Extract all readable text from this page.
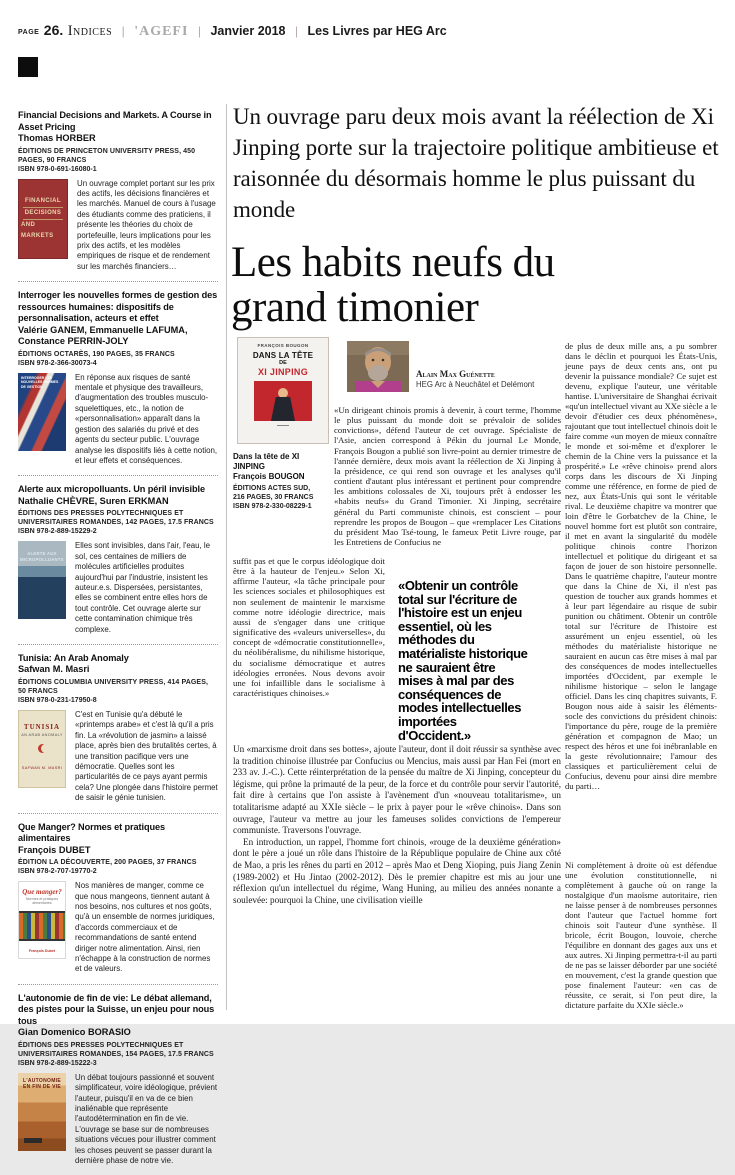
PAGE 26. Indices | 'AGEFI | Janvier 2018 | Les Livres par HEG Arc
Financial Decisions and Markets. A Course in Asset Pricing
Thomas HORBER
ÉDITIONS DE PRINCETON UNIVERSITY PRESS, 450 PAGES, 90 FRANCS
ISBN 978-0-691-16080-1
FINANCIAL
DECISIONS
AND MARKETS
Un ouvrage complet portant sur les prix des actifs, les décisions financières et les marchés. Manuel de cours à l'usage des étudiants comme des praticiens, il présente les théories du choix de portefeuille, leurs implications pour les prix des actifs, et les modèles empiriques de risque et de rendement sur les marchés financiers…
Interroger les nouvelles formes de gestion des ressources humaines: dispositifs de personnalisation, acteurs et effet
Valérie GANEM, Emmanuelle LAFUMA, Constance PERRIN-JOLY
ÉDITIONS OCTARÈS, 190 PAGES, 35 FRANCS
ISBN 978-2-366-30073-4
INTERROGER LES NOUVELLES FORMES DE GESTION
En réponse aux risques de santé mentale et physique des travailleurs, d'augmentation des troubles musculo-squelettiques, etc., la notion de «personnalisation» apparaît dans la gestion des salariés du privé et des agents du secteur public. L'ouvrage analyse les dispositifs liés à cette notion, et leur effets et conséquences.
Alerte aux micropolluants. Un péril invisible
Nathalie CHÈVRE, Suren ERKMAN
ÉDITIONS DES PRESSES POLYTECHNIQUES ET UNIVERSITAIRES ROMANDES, 142 PAGES, 17.5 FRANCS
ISBN 978-2-889-15229-2
ALERTE AUX
MICROPOLLUANTS
Elles sont invisibles, dans l'air, l'eau, le sol, ces centaines de milliers de molécules artificielles produites aujourd'hui par l'industrie, insistent les auteur.e.s. Dispersées, persistantes, elles se combinent entre elles hors de tout contrôle. Cet ouvrage alerte sur cette contamination chimique très complexe.
Tunisia: An Arab Anomaly
Safwan M. Masri
ÉDITIONS COLUMBIA UNIVERSITY PRESS, 414 PAGES, 50 FRANCS
ISBN 978-0-231-17950-8
TUNISIA
AN ARAB ANOMALY
SAFWAN M. MASRI
C'est en Tunisie qu'a débuté le «printemps arabe» et c'est là qu'il a pris fin. La «révolution de jasmin» a laissé place, après bien des brutalités certes, à une transition pacifique vers une démocratie. Quelles sont les particularités de ce pays ayant permis cela? Une plongée dans l'histoire permet de saisir le génie tunisien.
Que Manger? Normes et pratiques alimentaires
François DUBET
ÉDITION LA DÉCOUVERTE, 200 PAGES, 37 FRANCS
ISBN 978-2-707-19770-2
Que manger?
Normes et pratiques alimentaires
François Dubet
Nos manières de manger, comme ce que nous mangeons, tiennent autant à nos besoins, nos cultures et nos goûts, qu'à un ensemble de normes juridiques, d'accords commerciaux et de recommandations de santé entend diriger notre alimentation. Ainsi, rien n'échappe à la construction de normes et de valeurs.
L'autonomie de fin de vie: Le débat allemand, des pistes pour la Suisse, un enjeu pour nous tous
Gian Domenico BORASIO
ÉDITIONS DES PRESSES POLYTECHNIQUES ET UNIVERSITAIRES ROMANDES, 154 PAGES, 17.5 FRANCS
ISBN 978-2-889-15222-3
L'AUTONOMIE
EN FIN DE VIE
Un débat toujours passionné et souvent simplificateur, voire idéologique, prévient l'auteur, puisqu'il en va de ce bien inaliénable que représente l'autodétermination en fin de vie. L'ouvrage se base sur de nombreuses situations vécues pour illustrer comment les choses peuvent se passer durant la dernière phase de notre vie.
Un ouvrage paru deux mois avant la réélection de Xi Jinping porte sur la trajectoire politique ambitieuse et raisonnée du désormais homme le plus puissant du monde
Les habits neufs du grand timonier
FRANÇOIS BOUGON
DANS LA TÊTE
DE
XI JINPING	Alain Max Guénette
HEG Arc à Neuchâtel et Delémont
Dans la tête de XI JINPING
François BOUGON
ÉDITIONS ACTES SUD,
216 PAGES, 30 FRANCS
ISBN 978-2-330-08229-1
«Un dirigeant chinois promis à devenir, à court terme, l'homme le plus puissant du monde doit se prévaloir de solides convictions», défend l'auteur de cet ouvrage. Spécialiste de l'Asie, ancien correspond à Pékin du journal Le Monde, François Bougon a publié son livre-point au dernier trimestre de l'année dernière, deux mois avant la réélection de Xi Jinping à la présidence, ce qui rend son ouvrage et les analyses qu'il contient d'autant plus intéressant et pertinent pour comprendre les ambitions colossales de Xi, toujours prêt à endosser les «habits neufs» du Grand Timonier. Xi Jinping, secrétaire général du Parti communiste chinois, est conscient – pour reprendre les propos de Bougon – que «remplacer Les Citations du président Mao Tsé-toung, le fameux Petit Livre rouge, par les Entretiens de Confucius ne
suffit pas et que le corpus idéologique doit être à la hauteur de l'enjeu.» Selon Xi, affirme l'auteur, «la tâche principale pour les sciences sociales et philosophiques est non seulement de maintenir le marxisme comme notre idéologie directrice, mais aussi de s'engager dans une critique significative des «valeurs universelles», du concept de «démocratie constitutionnelle», du néolibéralisme, du nihilisme historique, du socialisme démocratique et autres idéologies erronées. Nous devons avoir une foi infaillible dans le socialisme à caractéristiques chinoises.»
«Obtenir un contrôle total sur l'écriture de l'histoire est un enjeu essentiel, où les méthodes du matérialiste historique ne sauraient être mises à mal par des conséquences de modes intellectuelles importées d'Occident.»

Un «marxisme droit dans ses bottes», ajoute l'auteur, dont il doit réussir sa synthèse avec la tradition chinoise illustrée par Confucius ou Mencius, mais aussi par Han Fei (mort en 233 av. J.-C.). Cette réinterprétation de la pensée du maître de Xi Jinping, concepteur du légisme, qui prône la primauté de la peur, de la force et du contrôle pour servir l'autorité, fait dire à certains que l'on assiste à l'avènement d'un «nouveau totalitarisme», un totalitarisme adapté au XXIe siècle – le prix à payer pour le «rêve chinois». Dans son ouvrage, l'auteur va mettre au jour les fameuses solides convictions de l'empereur communiste. Traversons l'ouvrage.

En introduction, un rappel, l'homme fort chinois, «rouge de la deuxième génération» dont le père a joué un rôle dans l'histoire de la République populaire de Chine aux côté de Mao, a pris les rênes du parti en 2012 – après Mao et Deng Xioping, puis Jiang Zenin (1989-2002) et Hu Jintao (2002-2012). Dès le premier chapitre est mis au jour une réflexion qu'un intellectuel du régime, Wang Huning, au milieu des années nonante a soulevée: pourquoi la Chine, une civilisation vieille

de plus de deux mille ans, a pu sombrer dans le déclin et pourquoi les États-Unis, jeune pays de deux cents ans, ont pu devenir la puissance mondiale? Ce sujet est devenu, explique l'auteur, une véritable hantise. L'universitaire de Shanghai écrivait «qu'un intellectuel vivant au XXe siècle a le devoir d'étudier ces deux phénomènes», rajoutant que tout intellectuel chinois doit le faire comme «un moyen de mieux connaître le monde et soi-même et d'explorer le chemin de la Chine vers la puissance et la prospérité.» Le «rêve chinois» prend alors corps dans les discours de Xi Jinping comme une référence, en forme de pied de nez, aux États-Unis qui sont le véritable rival. Le deuxième chapitre va montrer que loin d'être le Gorbatchev de la Chine, le nouvel homme fort est plutôt son contraire, il met en avant la singularité du modèle politique chinois contre l'horizon intellectuel et politique du dirigeant et sa façon de jouer de son histoire personnelle. Dans le quatrième chapitre, l'auteur montre que dans la Chine de Xi, il n'est pas question de toucher aux grands hommes et à leur part légendaire au risque de subir punition ou châtiment. Obtenir un contrôle total sur l'écriture de l'histoire est assurément un enjeu essentiel, où les méthodes du matérialiste historique ne sauraient en aucun cas être mises à mal par des conséquences de modes intellectuelles importées d'Occident, par exemple le nihilisme historique – selon le langage officiel. Dans les cinq chapitres suivants, F. Bougon nous aide à saisir les éléments-socle des convictions du président chinois: l'importance du père, rouge de la première génération et compagnon de Mao; un respect des héros et une foi inébranlable en la geste révolutionnaire; l'amour des classiques et particulièrement celui de Confucius, devenu pour ainsi dire membre du parti…
Ni complètement à droite où est défendue une évolution constitutionnelle, ni complètement à gauche où on range la nostalgique d'un maoïsme autoritaire, rien ne laisse penser à de nombreuses personnes dont l'auteur que l'actuel homme fort chinois soit l'auteur d'une synthèse. Il bricole, écrit Bougon, louvoie, cherche l'équilibre en donnant des gages aux uns et aux autres. Xi Jinping permettra-t-il au parti de ne pas se laisser déborder par une société en mouvement, c'est la grande question que pose finalement l'auteur: «en cas de réussite, ce serait, si l'on peut dire, la dictature parfaite du XXIe siècle.»
